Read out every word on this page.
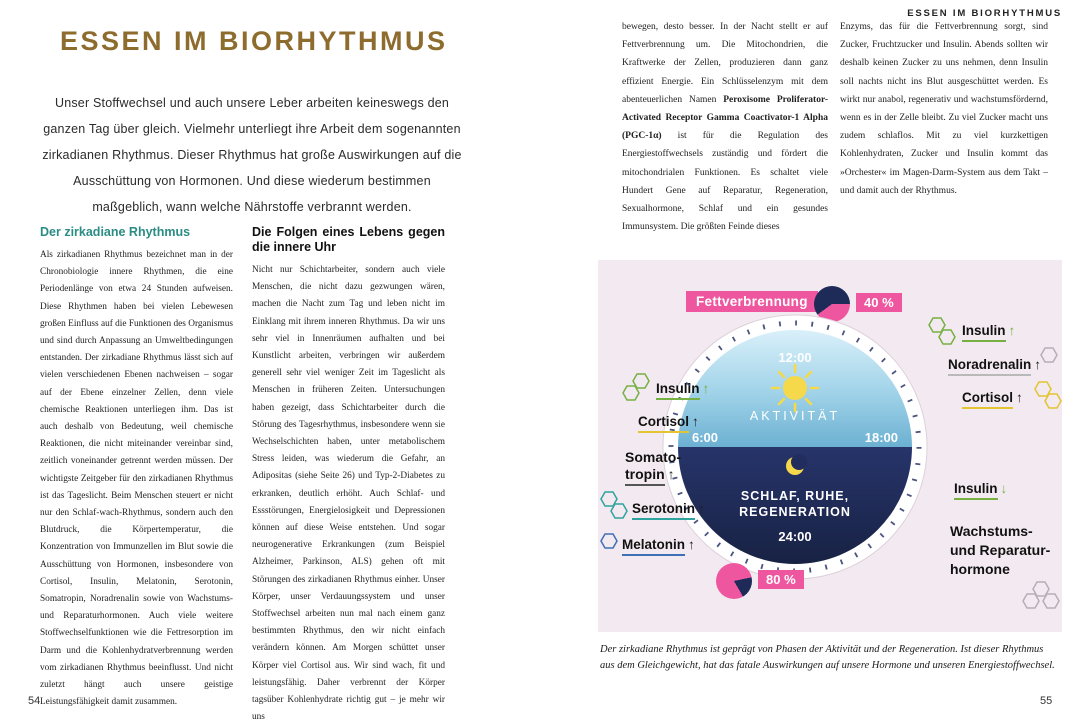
ESSEN IM BIORHYTHMUS
ESSEN IM BIORHYTHMUS

Unser Stoffwechsel und auch unsere Leber arbeiten keineswegs den ganzen Tag über gleich. Vielmehr unterliegt ihre Arbeit dem sogenannten zirkadianen Rhythmus. Dieser Rhythmus hat große Auswirkungen auf die Ausschüttung von Hormonen. Und diese wiederum bestimmen maßgeblich, wann welche Nährstoffe verbrannt werden.

Der zirkadiane Rhythmus

Als zirkadianen Rhythmus bezeichnet man in der Chronobiologie innere Rhythmen, die eine Periodenlänge von etwa 24 Stunden aufweisen. Diese Rhythmen haben bei vielen Lebewesen großen Einfluss auf die Funktionen des Organismus und sind durch Anpassung an Umweltbedingungen entstanden. Der zirkadiane Rhythmus lässt sich auf vielen verschiedenen Ebenen nachweisen – sogar auf der Ebene einzelner Zellen, denn viele chemische Reaktionen unterliegen ihm. Das ist auch deshalb von Bedeutung, weil chemische Reaktionen, die nicht miteinander vereinbar sind, zeitlich voneinander getrennt werden müssen. Der wichtigste Zeitgeber für den zirkadianen Rhythmus ist das Tageslicht. Beim Menschen steuert er nicht nur den Schlaf-wach-Rhythmus, sondern auch den Blutdruck, die Körpertemperatur, die Konzentration von Immunzellen im Blut sowie die Ausschüttung von Hormonen, insbesondere von Cortisol, Insulin, Melatonin, Serotonin, Somatropin, Noradrenalin sowie von Wachstums- und Reparaturhormonen. Auch viele weitere Stoffwechselfunktionen wie die Fettresorption im Darm und die Kohlenhydratverbrennung werden vom zirkadianen Rhythmus beeinflusst. Und nicht zuletzt hängt auch unsere geistige Leistungsfähigkeit damit zusammen.

Die Folgen eines Lebens gegen die innere Uhr

Nicht nur Schichtarbeiter, sondern auch viele Menschen, die nicht dazu gezwungen wären, machen die Nacht zum Tag und leben nicht im Einklang mit ihrem inneren Rhythmus. Da wir uns sehr viel in Innenräumen aufhalten und bei Kunstlicht arbeiten, verbringen wir außerdem generell sehr viel weniger Zeit im Tageslicht als Menschen in früheren Zeiten. Untersuchungen haben gezeigt, dass Schichtarbeiter durch die Störung des Tagesrhythmus, insbesondere wenn sie Wechselschichten haben, unter metabolischem Stress leiden, was wiederum die Gefahr, an Adipositas (siehe Seite 26) und Typ-2-Diabetes zu erkranken, deutlich erhöht. Auch Schlaf- und Essstörungen, Energielosigkeit und Depressionen können auf diese Weise entstehen. Und sogar neurogenerative Erkrankungen (zum Beispiel Alzheimer, Parkinson, ALS) gehen oft mit Störungen des zirkadianen Rhythmus einher. Unser Körper, unser Verdauungssystem und unser Stoffwechsel arbeiten nun mal nach einem ganz bestimmten Rhythmus, den wir nicht einfach verändern können. Am Morgen schüttet unser Körper viel Cortisol aus. Wir sind wach, fit und leistungsfähig. Daher verbrennt der Körper tagsüber Kohlenhydrate richtig gut – je mehr wir uns

bewegen, desto besser. In der Nacht stellt er auf Fettverbrennung um. Die Mitochondrien, die Kraftwerke der Zellen, produzieren dann ganz effizient Energie. Ein Schlüsselenzym mit dem abenteuerlichen Namen Peroxisome Proliferator-Activated Receptor Gamma Coactivator-1 Alpha (PGC-1α) ist für die Regulation des Energiestoffwechsels zuständig und fördert die mitochondrialen Funktionen. Es schaltet viele Hundert Gene auf Reparatur, Regeneration, Sexualhormone, Schlaf und ein gesundes Immunsystem. Die größten Feinde dieses

Enzyms, das für die Fettverbrennung sorgt, sind Zucker, Fruchtzucker und Insulin. Abends sollten wir deshalb keinen Zucker zu uns nehmen, denn Insulin soll nachts nicht ins Blut ausgeschüttet werden. Es wirkt nur anabol, regenerativ und wachstumsfördernd, wenn es in der Zelle bleibt. Zu viel Zucker macht uns zudem schlaflos. Mit zu viel kurzkettigen Kohlenhydraten, Zucker und Insulin kommt das »Orchester« im Magen-Darm-System aus dem Takt – und damit auch der Rhythmus.

Fettverbrennung	40 %
12:00
AKTIVITÄT
6:00	18:00
SCHLAF, RUHE,
REGENERATION
24:00
Insulin ↑
Noradrenalin ↑
Cortisol ↑
Insulin ↓
Wachstums-
und Reparatur-
hormone
Insulin ↑
Cortisol ↑
Somato-
tropin ↑
Serotonin ↑
Melatonin ↑
80 %

Der zirkadiane Rhythmus ist geprägt von Phasen der Aktivität und der Regeneration. Ist dieser Rhythmus aus dem Gleichgewicht, hat das fatale Auswirkungen auf unsere Hormone und unseren Energiestoffwechsel.

54	55
